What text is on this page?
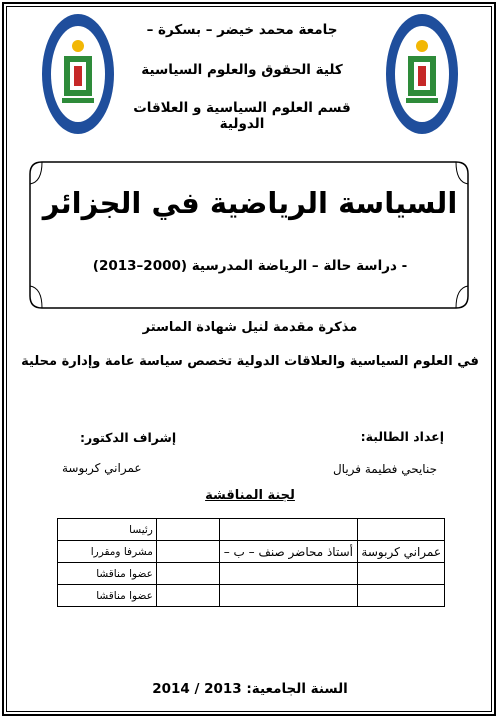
جامعة محمد خيضر – بسكرة –
كلية الحقوق والعلوم السياسية
قسم العلوم السياسية و العلاقات الدولية
السياسة الرياضية في الجزائر
- دراسة حالة – الرياضة المدرسية (2000–2013)
مذكرة مقدمة لنيل شهادة الماستر
في العلوم السياسية والعلاقات الدولية تخصص سياسة عامة وإدارة محلية
إعداد الطالبة:
إشراف الدكتور:
جنايحي فطيمة فريال
عمراني كربوسة
لجنة المناقشة
			رئيسا
عمراني كربوسة	أستاذ محاضر صنف – ب –		مشرفا ومقررا
			عضوا مناقشا
			عضوا مناقشا
السنة الجامعية: 2013 / 2014
